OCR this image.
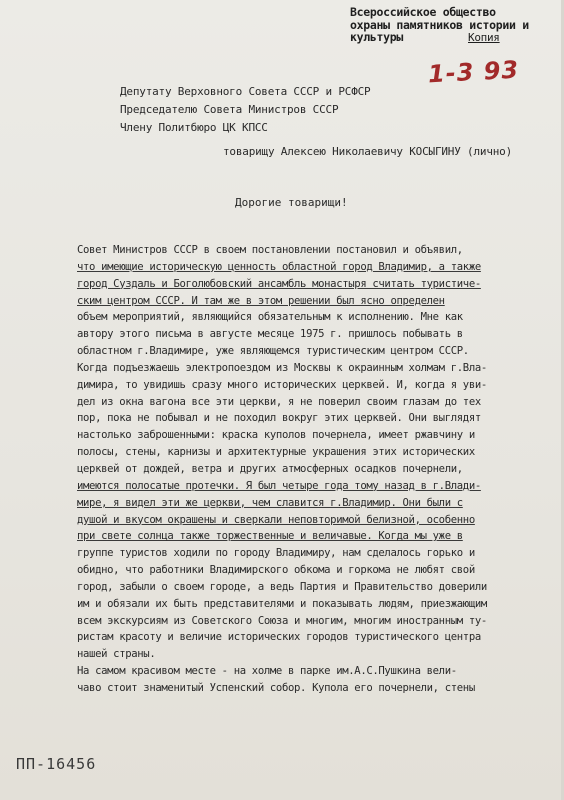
Всероссийское общество
охраны памятников истории и
культуры	Копия
1-3 93
Депутату Верховного Совета СССР и РСФСР
Председателю Совета Министров СССР
Члену Политбюро ЦК КПСС
товарищу Алексею Николаевичу КОСЫГИНУ (лично)
Дорогие товарищи!
Совет Министров СССР в своем постановлении постановил и объявил,
что имеющие историческую ценность областной город Владимир, а также
город Суздаль и Боголюбовский ансамбль монастыря считать туристиче-
ским центром СССР. И там же в этом решении был ясно определен
объем мероприятий, являющийся обязательным к исполнению. Мне как
автору этого письма в августе месяце 1975 г. пришлось побывать в
областном г.Владимире, уже являющемся туристическим центром СССР.
Когда подъезжаешь электропоездом из Москвы к окраинным холмам г.Вла-
димира, то увидишь сразу много исторических церквей. И, когда я уви-
дел из окна вагона все эти церкви, я не поверил своим глазам до тех
пор, пока не побывал и не походил вокруг этих церквей. Они выглядят
настолько заброшенными: краска куполов почернела, имеет ржавчину и
полосы, стены, карнизы и архитектурные украшения этих исторических
церквей от дождей, ветра и других атмосферных осадков почернели,
имеются полосатые протечки. Я был четыре года тому назад в г.Влади-
мире, я видел эти же церкви, чем славится г.Владимир. Они были с
душой и вкусом окрашены и сверкали неповторимой белизной, особенно
при свете солнца также торжественные и величавые. Когда мы уже в
группе туристов ходили по городу Владимиру, нам сделалось горько и
обидно, что работники Владимирского обкома и горкома не любят свой
город, забыли о своем городе, а ведь Партия и Правительство доверили
им и обязали их быть представителями и показывать людям, приезжающим
всем экскурсиям из Советского Союза и многим, многим иностранным ту-
ристам красоту и величие исторических городов туристического центра
нашей страны.
На самом красивом месте - на холме в парке им.А.С.Пушкина вели-
чаво стоит знаменитый Успенский собор. Купола его почернели, стены
ПП-16456
